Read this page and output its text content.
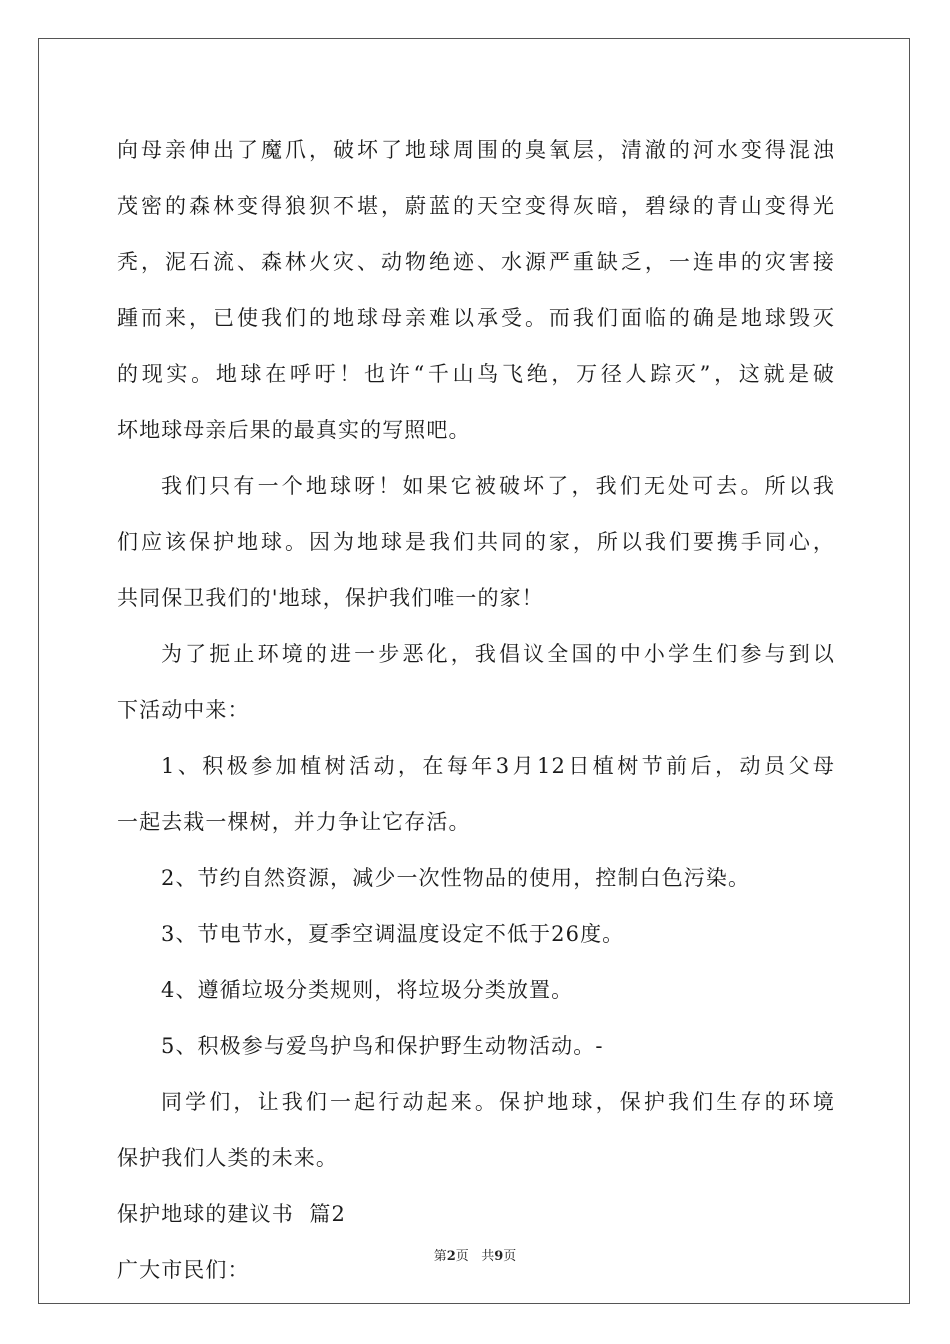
向母亲伸出了魔爪，破坏了地球周围的臭氧层，清澈的河水变得混浊
茂密的森林变得狼狈不堪，蔚蓝的天空变得灰暗，碧绿的青山变得光
秃，泥石流、森林火灾、动物绝迹、水源严重缺乏，一连串的灾害接
踵而来，已使我们的地球母亲难以承受。而我们面临的确是地球毁灭
的现实。地球在呼吁！也许“千山鸟飞绝，万径人踪灭”，这就是破
坏地球母亲后果的最真实的写照吧。
我们只有一个地球呀！如果它被破坏了，我们无处可去。所以我
们应该保护地球。因为地球是我们共同的家，所以我们要携手同心，
共同保卫我们的'地球，保护我们唯一的家！
为了扼止环境的进一步恶化，我倡议全国的中小学生们参与到以
下活动中来：
1、积极参加植树活动，在每年3月12日植树节前后，动员父母
一起去栽一棵树，并力争让它存活。
2、节约自然资源，减少一次性物品的使用，控制白色污染。
3、节电节水，夏季空调温度设定不低于26度。
4、遵循垃圾分类规则，将垃圾分类放置。
5、积极参与爱鸟护鸟和保护野生动物活动。-
同学们，让我们一起行动起来。保护地球，保护我们生存的环境
保护我们人类的未来。
保护地球的建议书  篇2
广大市民们：
第2页 共9页
